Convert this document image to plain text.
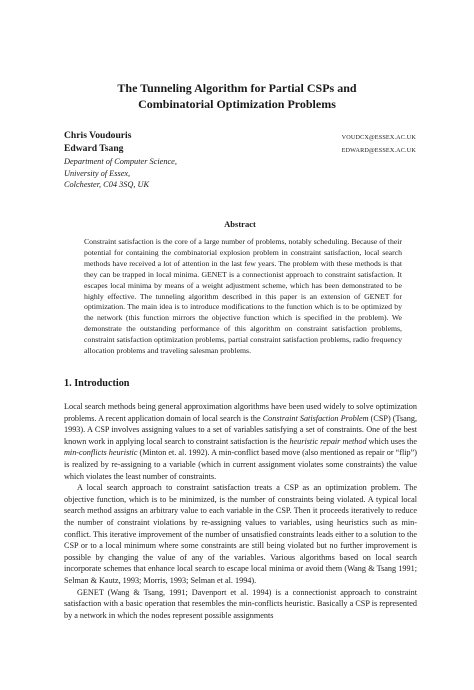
The Tunneling Algorithm for Partial CSPs and
Combinatorial Optimization Problems
Chris Voudouris	VOUDCX@ESSEX.AC.UK
Edward Tsang	EDWARD@ESSEX.AC.UK
Department of Computer Science,
University of Essex,
Colchester, C04 3SQ, UK
Abstract
Constraint satisfaction is the core of a large number of problems, notably scheduling. Because of their potential for containing the combinatorial explosion problem in constraint satisfaction, local search methods have received a lot of attention in the last few years. The problem with these methods is that they can be trapped in local minima. GENET is a connectionist approach to constraint satisfaction. It escapes local minima by means of a weight adjustment scheme, which has been demonstrated to be highly effective. The tunneling algorithm described in this paper is an extension of GENET for optimization. The main idea is to introduce modifications to the function which is to be optimized by the network (this function mirrors the objective function which is specified in the problem). We demonstrate the outstanding performance of this algorithm on constraint satisfaction problems, constraint satisfaction optimization problems, partial constraint satisfaction problems, radio frequency allocation problems and traveling salesman problems.
1. Introduction

Local search methods being general approximation algorithms have been used widely to solve optimization problems. A recent application domain of local search is the Constraint Satisfaction Problem (CSP) (Tsang, 1993). A CSP involves assigning values to a set of variables satisfying a set of constraints. One of the best known work in applying local search to constraint satisfaction is the heuristic repair method which uses the min-conflicts heuristic (Minton et. al. 1992). A min-conflict based move (also mentioned as repair or “flip”) is realized by re-assigning to a variable (which in current assignment violates some constraints) the value which violates the least number of constraints.

A local search approach to constraint satisfaction treats a CSP as an optimization problem. The objective function, which is to be minimized, is the number of constraints being violated. A typical local search method assigns an arbitrary value to each variable in the CSP. Then it proceeds iteratively to reduce the number of constraint violations by re-assigning values to variables, using heuristics such as min-conflict. This iterative improvement of the number of unsatisfied constraints leads either to a solution to the CSP or to a local minimum where some constraints are still being violated but no further improvement is possible by changing the value of any of the variables. Various algorithms based on local search incorporate schemes that enhance local search to escape local minima or avoid them (Wang & Tsang 1991; Selman & Kautz, 1993; Morris, 1993; Selman et al. 1994).

GENET (Wang & Tsang, 1991; Davenport et al. 1994) is a connectionist approach to constraint satisfaction with a basic operation that resembles the min-conflicts heuristic. Basically a CSP is represented by a network in which the nodes represent possible assignments
